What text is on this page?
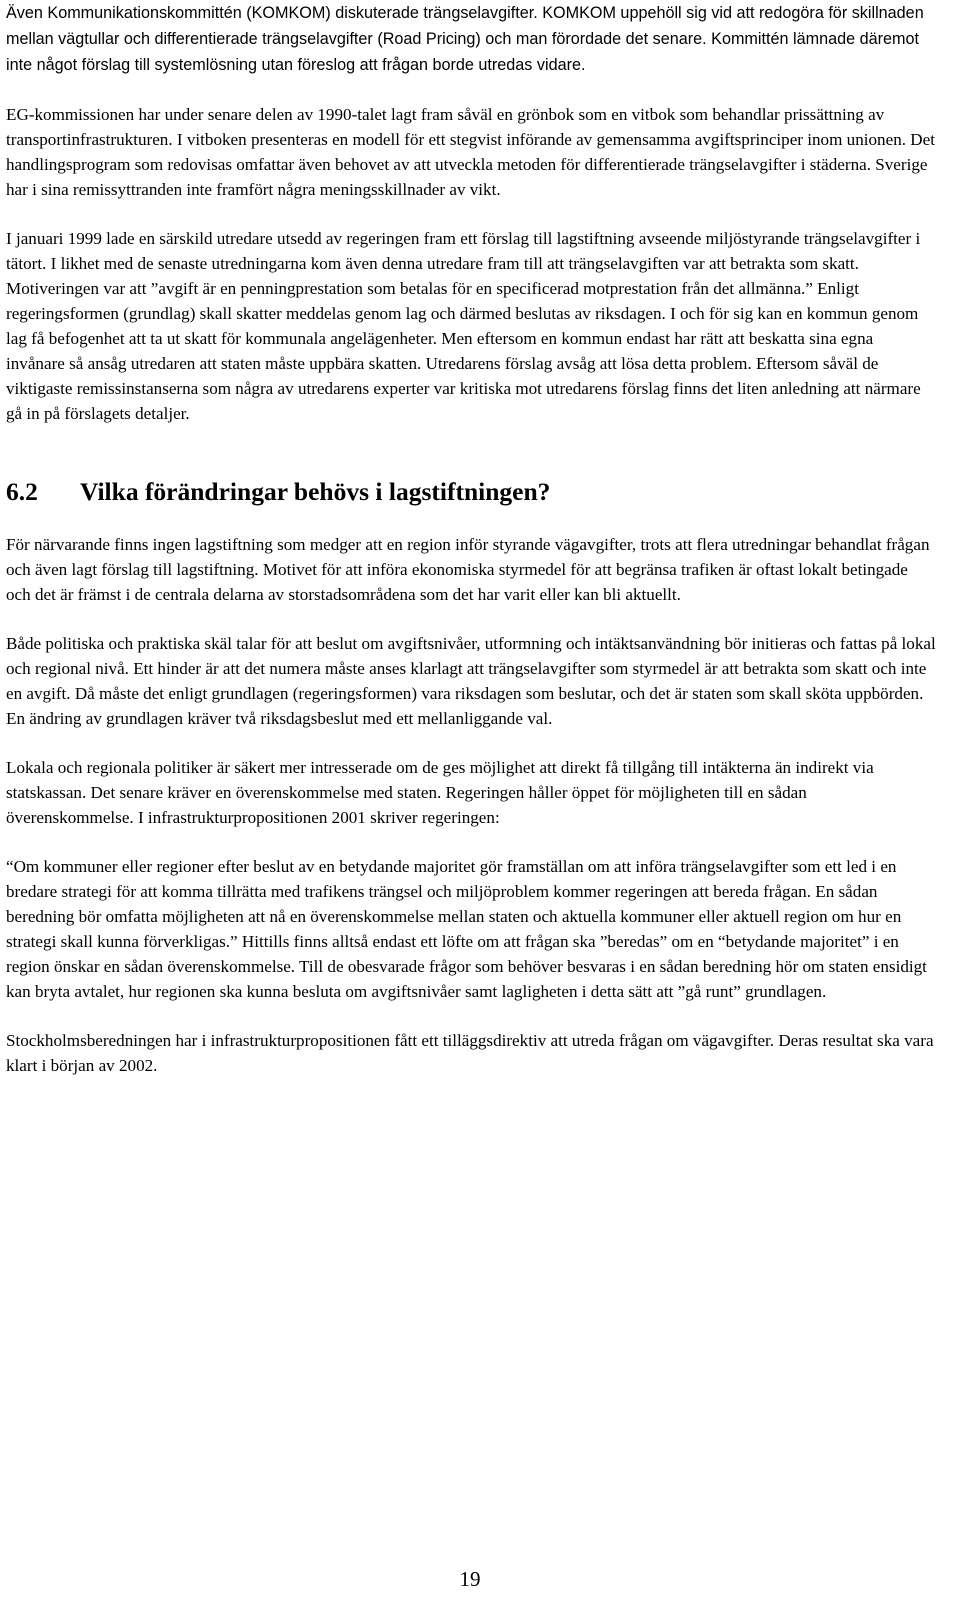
Även Kommunikationskommittén (KOMKOM) diskuterade trängselavgifter. KOMKOM uppehöll sig vid att redogöra för skillnaden mellan vägtullar och differentierade trängselavgifter (Road Pricing) och man förordade det senare. Kommittén lämnade däremot inte något förslag till systemlösning utan föreslog att frågan borde utredas vidare.

EG-kommissionen har under senare delen av 1990-talet lagt fram såväl en grönbok som en vitbok som behandlar prissättning av transportinfrastrukturen. I vitboken presenteras en modell för ett stegvist införande av gemensamma avgiftsprinciper inom unionen. Det handlingsprogram som redovisas omfattar även behovet av att utveckla metoden för differentierade trängselavgifter i städerna. Sverige har i sina remissyttranden inte framfört några meningsskillnader av vikt.

I januari 1999 lade en särskild utredare utsedd av regeringen fram ett förslag till lagstiftning avseende miljöstyrande trängselavgifter i tätort. I likhet med de senaste utredningarna kom även denna utredare fram till att trängselavgiften var att betrakta som skatt. Motiveringen var att ”avgift är en penningprestation som betalas för en specificerad motprestation från det allmänna.” Enligt regeringsformen (grundlag) skall skatter meddelas genom lag och därmed beslutas av riksdagen. I och för sig kan en kommun genom lag få befogenhet att ta ut skatt för kommunala angelägenheter. Men eftersom en kommun endast har rätt att beskatta sina egna invånare så ansåg utredaren att staten måste uppbära skatten. Utredarens förslag avsåg att lösa detta problem. Eftersom såväl de viktigaste remissinstanserna som några av utredarens experter var kritiska mot utredarens förslag finns det liten anledning att närmare gå in på förslagets detaljer.

6.2	Vilka förändringar behövs i lagstiftningen?

För närvarande finns ingen lagstiftning som medger att en region inför styrande vägavgifter, trots att flera utredningar behandlat frågan och även lagt förslag till lagstiftning. Motivet för att införa ekonomiska styrmedel för att begränsa trafiken är oftast lokalt betingade och det är främst i de centrala delarna av storstadsområdena som det har varit eller kan bli aktuellt.

Både politiska och praktiska skäl talar för att beslut om avgiftsnivåer, utformning och intäktsanvändning bör initieras och fattas på lokal och regional nivå. Ett hinder är att det numera måste anses klarlagt att trängselavgifter som styrmedel är att betrakta som skatt och inte en avgift. Då måste det enligt grundlagen (regeringsformen) vara riksdagen som beslutar, och det är staten som skall sköta uppbörden. En ändring av grundlagen kräver två riksdagsbeslut med ett mellanliggande val.

Lokala och regionala politiker är säkert mer intresserade om de ges möjlighet att direkt få tillgång till intäkterna än indirekt via statskassan. Det senare kräver en överenskommelse med staten. Regeringen håller öppet för möjligheten till en sådan överenskommelse. I infrastrukturpropositionen 2001 skriver regeringen:

“Om kommuner eller regioner efter beslut av en betydande majoritet gör framställan om att införa trängselavgifter som ett led i en bredare strategi för att komma tillrätta med trafikens trängsel och miljöproblem kommer regeringen att bereda frågan. En sådan beredning bör omfatta möjligheten att nå en överenskommelse mellan staten och aktuella kommuner eller aktuell region om hur en strategi skall kunna förverkligas.” Hittills finns alltså endast ett löfte om att frågan ska ”beredas” om en “betydande majoritet” i en region önskar en sådan överenskommelse. Till de obesvarade frågor som behöver besvaras i en sådan beredning hör om staten ensidigt kan bryta avtalet, hur regionen ska kunna besluta om avgiftsnivåer samt lagligheten i detta sätt att ”gå runt” grundlagen.

Stockholmsberedningen har i infrastrukturpropositionen fått ett tilläggsdirektiv att utreda frågan om vägavgifter. Deras resultat ska vara klart i början av 2002.

19
